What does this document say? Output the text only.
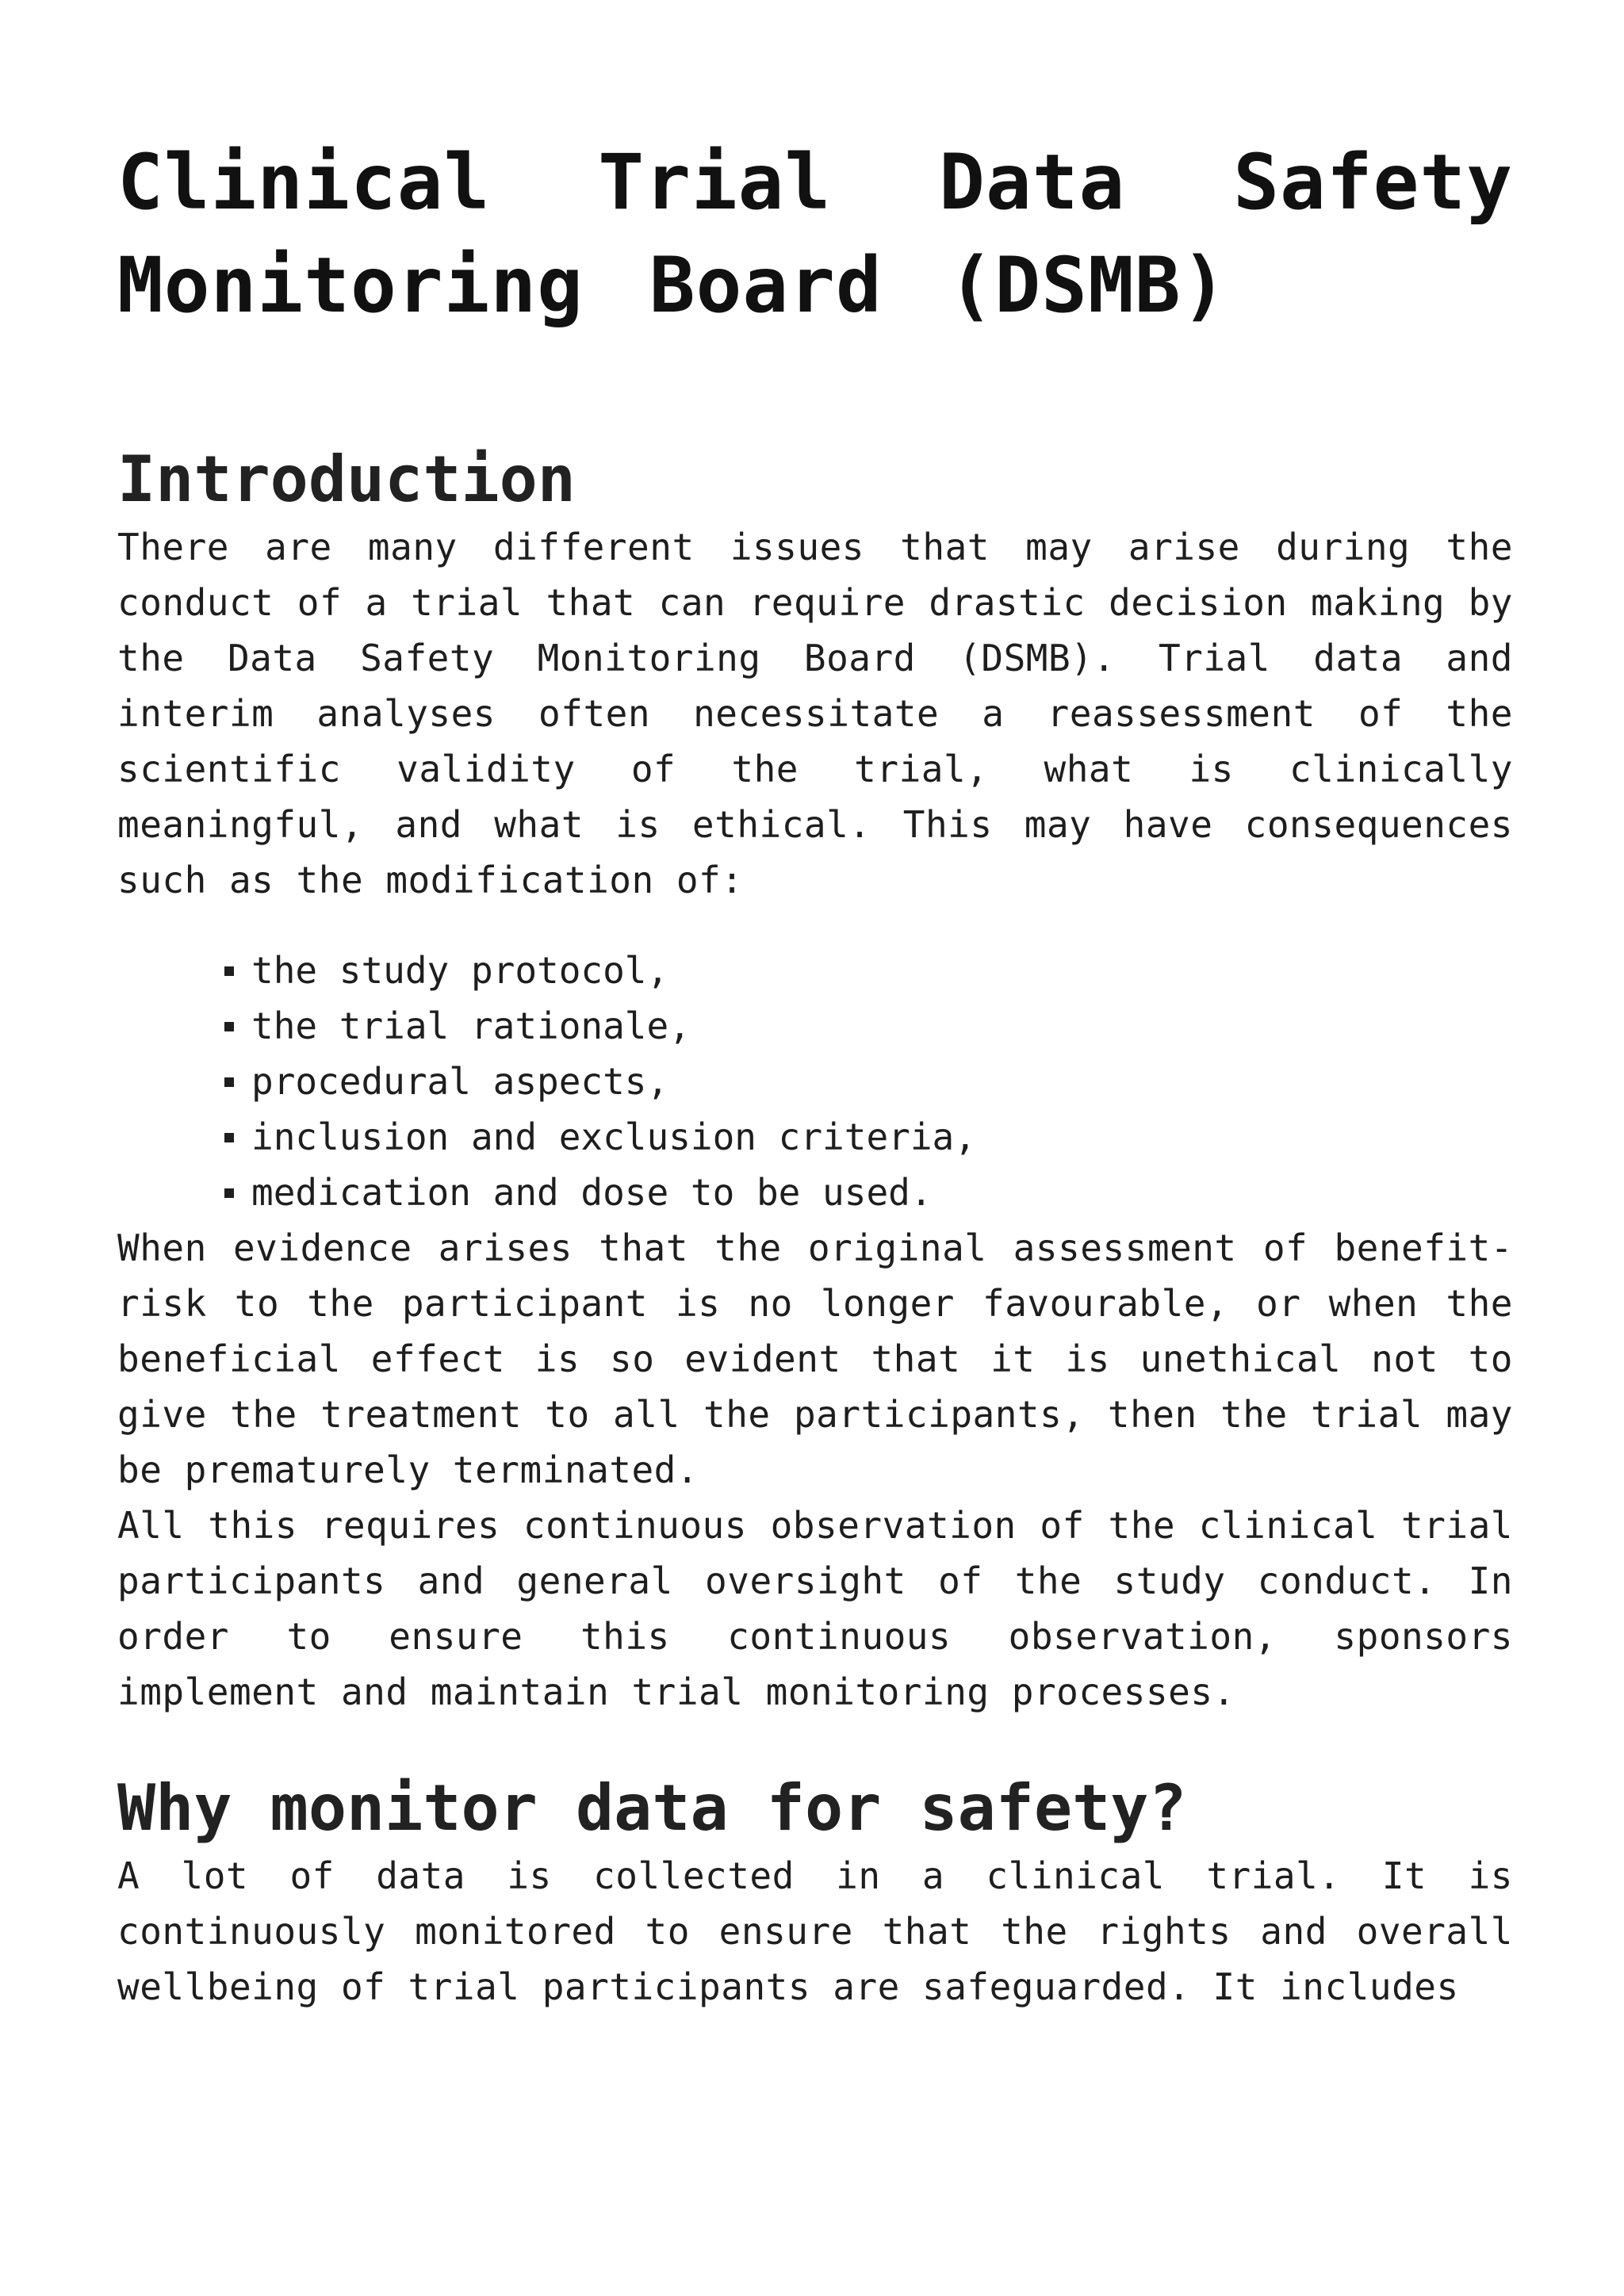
Clinical Trial Data Safety Monitoring Board (DSMB)
Introduction

There are many different issues that may arise during the conduct of a trial that can require drastic decision making by the Data Safety Monitoring Board (DSMB). Trial data and interim analyses often necessitate a reassessment of the scientific validity of the trial, what is clinically meaningful, and what is ethical. This may have consequences such as the modification of:

the study protocol,
the trial rationale,
procedural aspects,
inclusion and exclusion criteria,
medication and dose to be used.

When evidence arises that the original assessment of benefit-risk to the participant is no longer favourable, or when the beneficial effect is so evident that it is unethical not to give the treatment to all the participants, then the trial may be prematurely terminated.

All this requires continuous observation of the clinical trial participants and general oversight of the study conduct. In order to ensure this continuous observation, sponsors implement and maintain trial monitoring processes.

Why monitor data for safety?

A lot of data is collected in a clinical trial. It is continuously monitored to ensure that the rights and overall wellbeing of trial participants are safeguarded. It includes
